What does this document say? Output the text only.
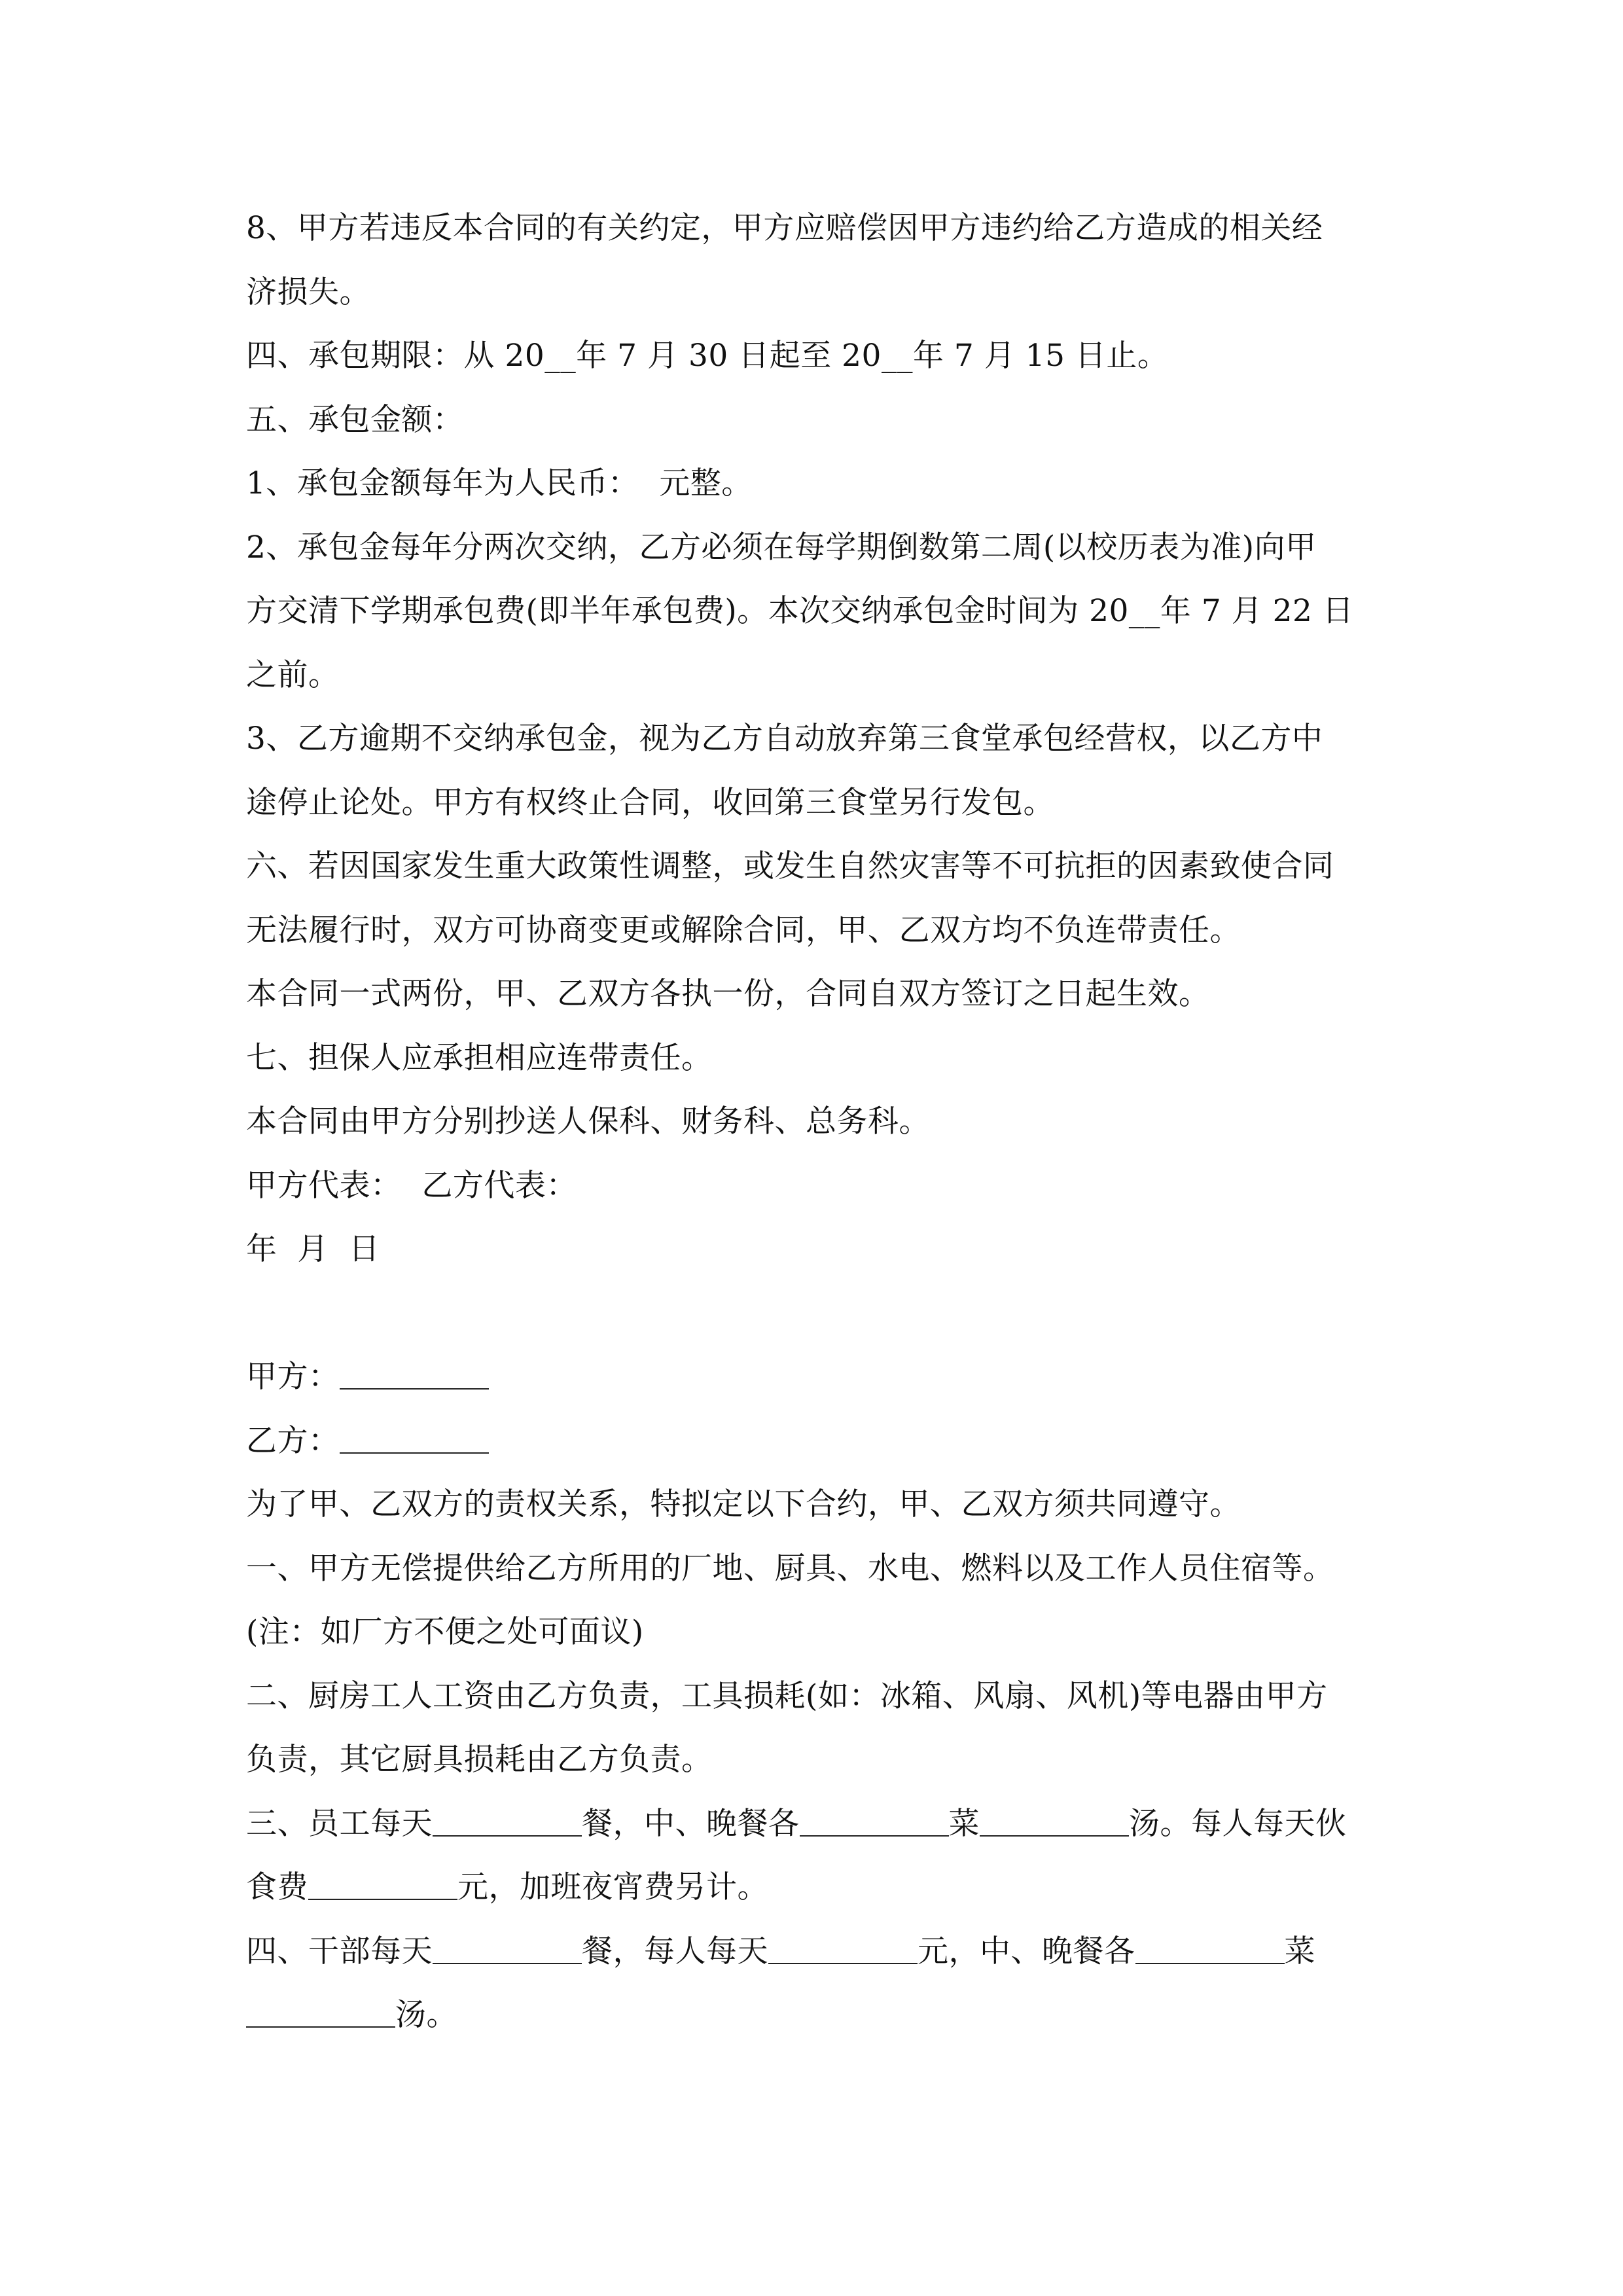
8、甲方若违反本合同的有关约定，甲方应赔偿因甲方违约给乙方造成的相关经
济损失。
四、承包期限：从 20__年 7 月 30 日起至 20__年 7 月 15 日止。
五、承包金额：
1、承包金额每年为人民币：  元整。
2、承包金每年分两次交纳，乙方必须在每学期倒数第二周(以校历表为准)向甲
方交清下学期承包费(即半年承包费)。本次交纳承包金时间为 20__年 7 月 22 日
之前。
3、乙方逾期不交纳承包金，视为乙方自动放弃第三食堂承包经营权，以乙方中
途停止论处。甲方有权终止合同，收回第三食堂另行发包。
六、若因国家发生重大政策性调整，或发生自然灾害等不可抗拒的因素致使合同
无法履行时，双方可协商变更或解除合同，甲、乙双方均不负连带责任。
本合同一式两份，甲、乙双方各执一份，合同自双方签订之日起生效。
七、担保人应承担相应连带责任。
本合同由甲方分别抄送人保科、财务科、总务科。
甲方代表：  乙方代表：
年  月  日
甲方：
乙方：
为了甲、乙双方的责权关系，特拟定以下合约，甲、乙双方须共同遵守。
一、甲方无偿提供给乙方所用的厂地、厨具、水电、燃料以及工作人员住宿等。
(注：如厂方不便之处可面议)
二、厨房工人工资由乙方负责，工具损耗(如：冰箱、风扇、风机)等电器由甲方
负责，其它厨具损耗由乙方负责。
三、员工每天	餐，中、晚餐各	菜	汤。每人每天伙
食费	元，加班夜宵费另计。
四、干部每天	餐，每人每天	元，中、晚餐各	菜
汤。
